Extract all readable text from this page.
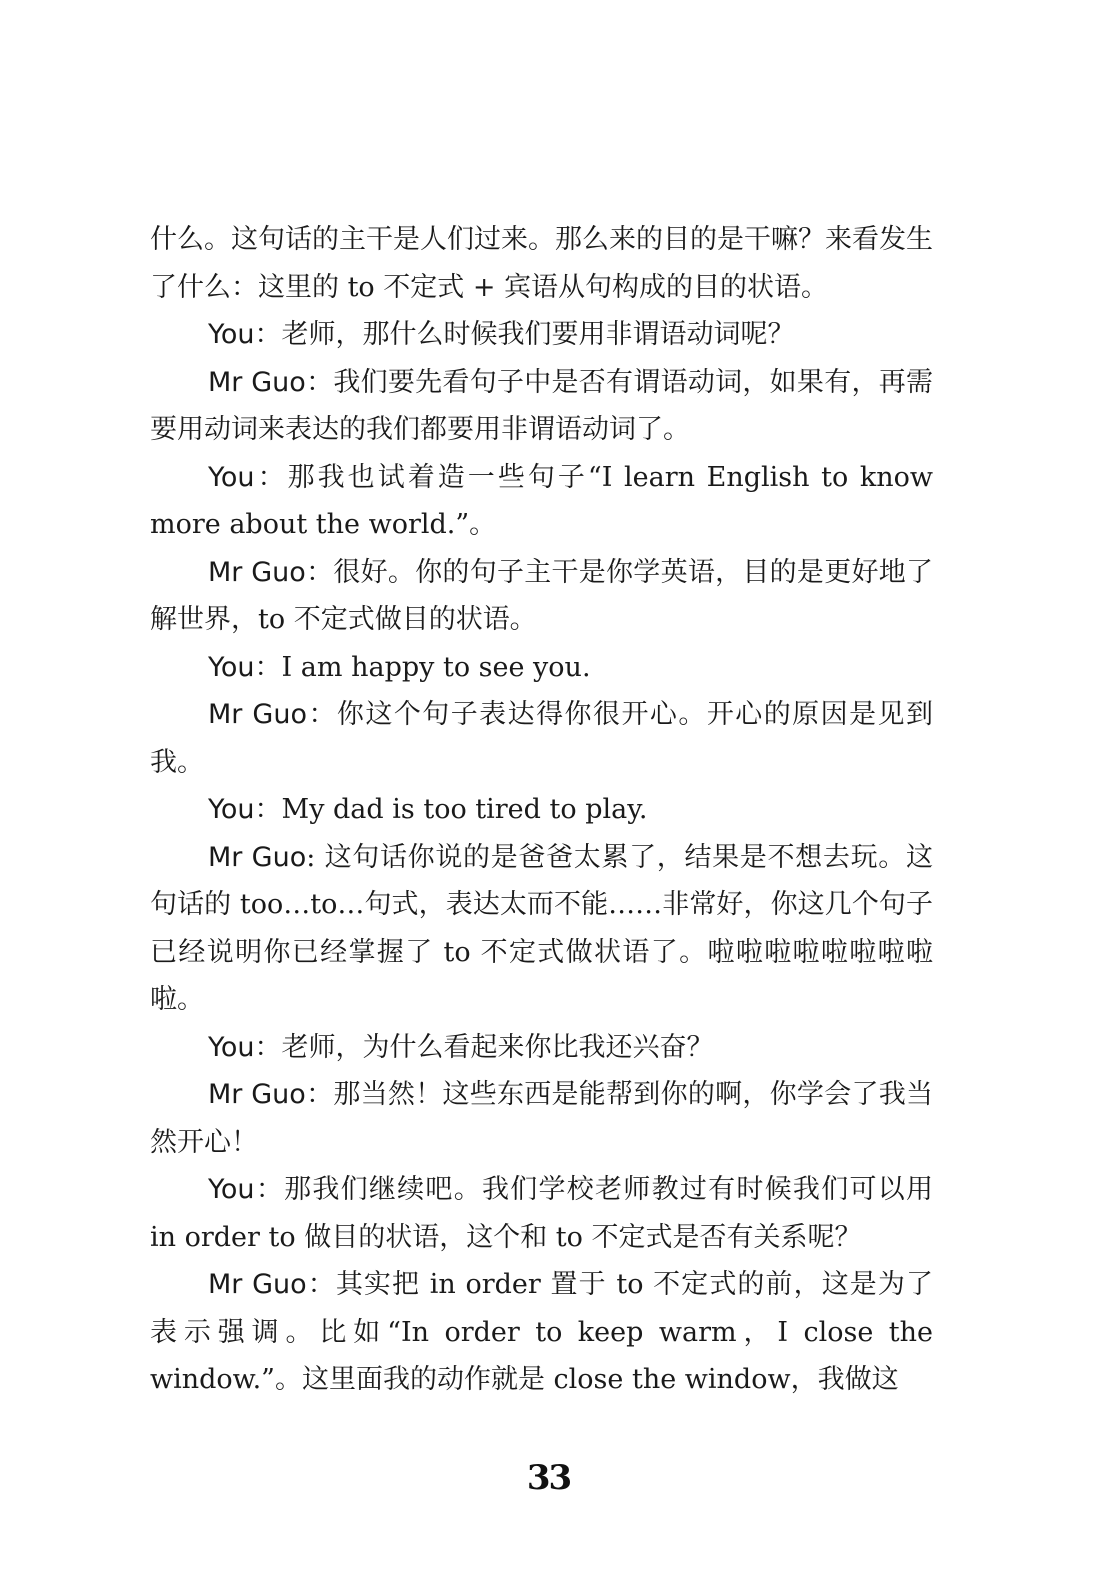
什么。这句话的主干是人们过来。那么来的目的是干嘛？来看发生了什么：这里的 to 不定式 + 宾语从句构成的目的状语。

You：老师，那什么时候我们要用非谓语动词呢？

Mr Guo：我们要先看句子中是否有谓语动词，如果有，再需要用动词来表达的我们都要用非谓语动词了。

You：那我也试着造一些句子“I learn English to know more about the world.”。

Mr Guo：很好。你的句子主干是你学英语，目的是更好地了解世界，to 不定式做目的状语。

You：I am happy to see you.

Mr Guo：你这个句子表达得你很开心。开心的原因是见到我。

You：My dad is too tired to play.

Mr Guo: 这句话你说的是爸爸太累了，结果是不想去玩。这句话的 too…to…句式，表达太而不能……非常好，你这几个句子已经说明你已经掌握了 to 不定式做状语了。啦啦啦啦啦啦啦啦啦。

You：老师，为什么看起来你比我还兴奋？

Mr Guo：那当然！这些东西是能帮到你的啊，你学会了我当然开心！

You：那我们继续吧。我们学校老师教过有时候我们可以用 in order to 做目的状语，这个和 to 不定式是否有关系呢？

Mr Guo：其实把 in order 置于 to 不定式的前，这是为了表示强调。比如“In order to keep warm，I close the window.”。这里面我的动作就是 close the window，我做这

33
